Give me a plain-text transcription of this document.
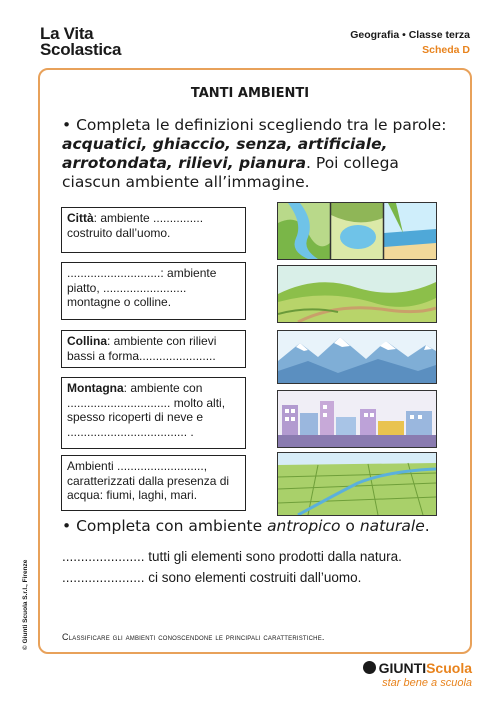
La Vita
Scolastica
Geografia • Classe terza
Scheda D
TANTI AMBIENTI
• Completa le definizioni scegliendo tra le parole: acquatici, ghiaccio, senza, artificiale, arrotondata, rilievi, pianura. Poi collega ciascun ambiente all’immagine.
Città: ambiente ............... costruito dall’uomo.
............................: ambiente piatto, ......................... montagne o colline.
Collina: ambiente con rilievi bassi a forma.......................
Montagna: ambiente con ............................... molto alti, spesso ricoperti di neve e .................................... .
Ambienti .........................., caratterizzati dalla presenza di acqua: fiumi, laghi, mari.
• Completa con ambiente antropico o naturale.
...................... tutti gli elementi sono prodotti dalla natura.
...................... ci sono elementi costruiti dall’uomo.
Classificare gli ambienti conoscendone le principali caratteristiche.
© Giunti Scuola S.r.l., Firenze
GIUNTIScuola
star bene a scuola
